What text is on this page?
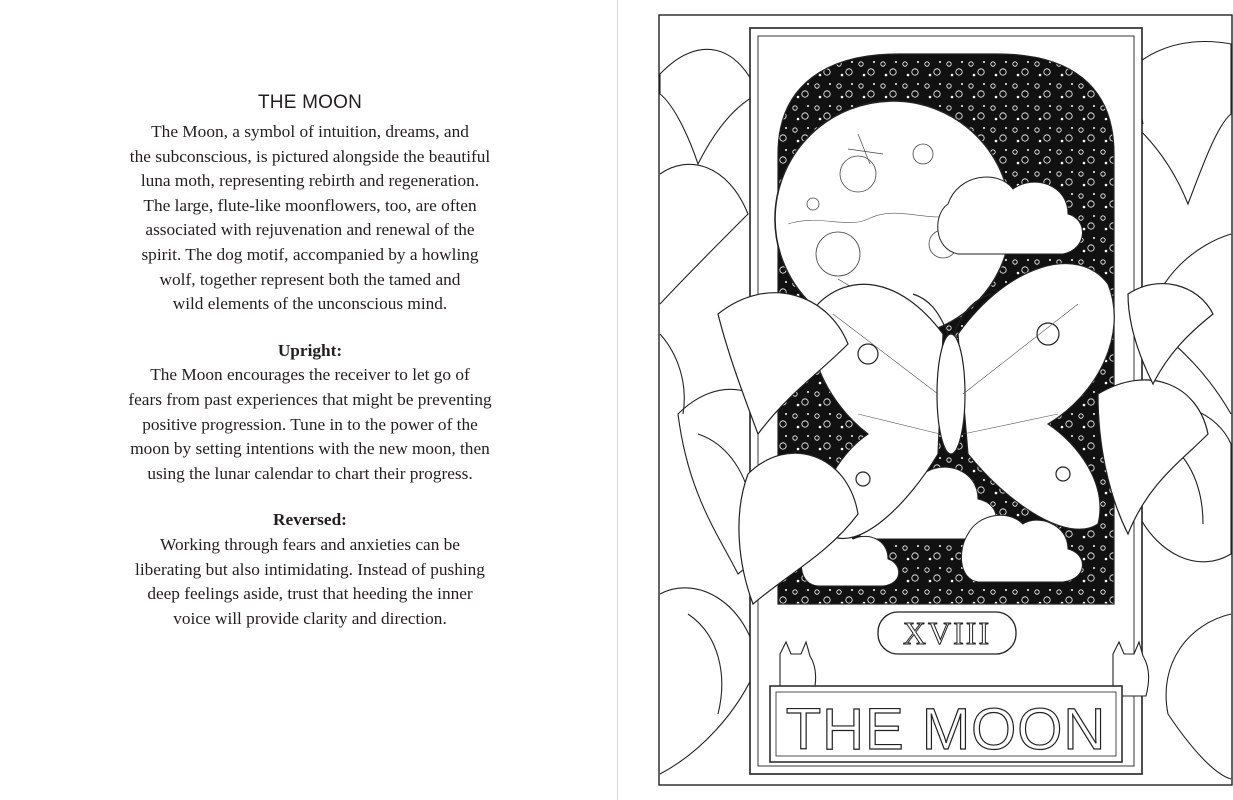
THE MOON

The Moon, a symbol of intuition, dreams, and
the subconscious, is pictured alongside the beautiful
luna moth, representing rebirth and regeneration.
The large, flute-like moonflowers, too, are often
associated with rejuvenation and renewal of the
spirit. The dog motif, accompanied by a howling
wolf, together represent both the tamed and
wild elements of the unconscious mind.

Upright:

The Moon encourages the receiver to let go of
fears from past experiences that might be preventing
positive progression. Tune in to the power of the
moon by setting intentions with the new moon, then
using the lunar calendar to chart their progress.

Reversed:

Working through fears and anxieties can be
liberating but also intimidating. Instead of pushing
deep feelings aside, trust that heeding the inner
voice will provide clarity and direction.	XVIII
THE MOON
